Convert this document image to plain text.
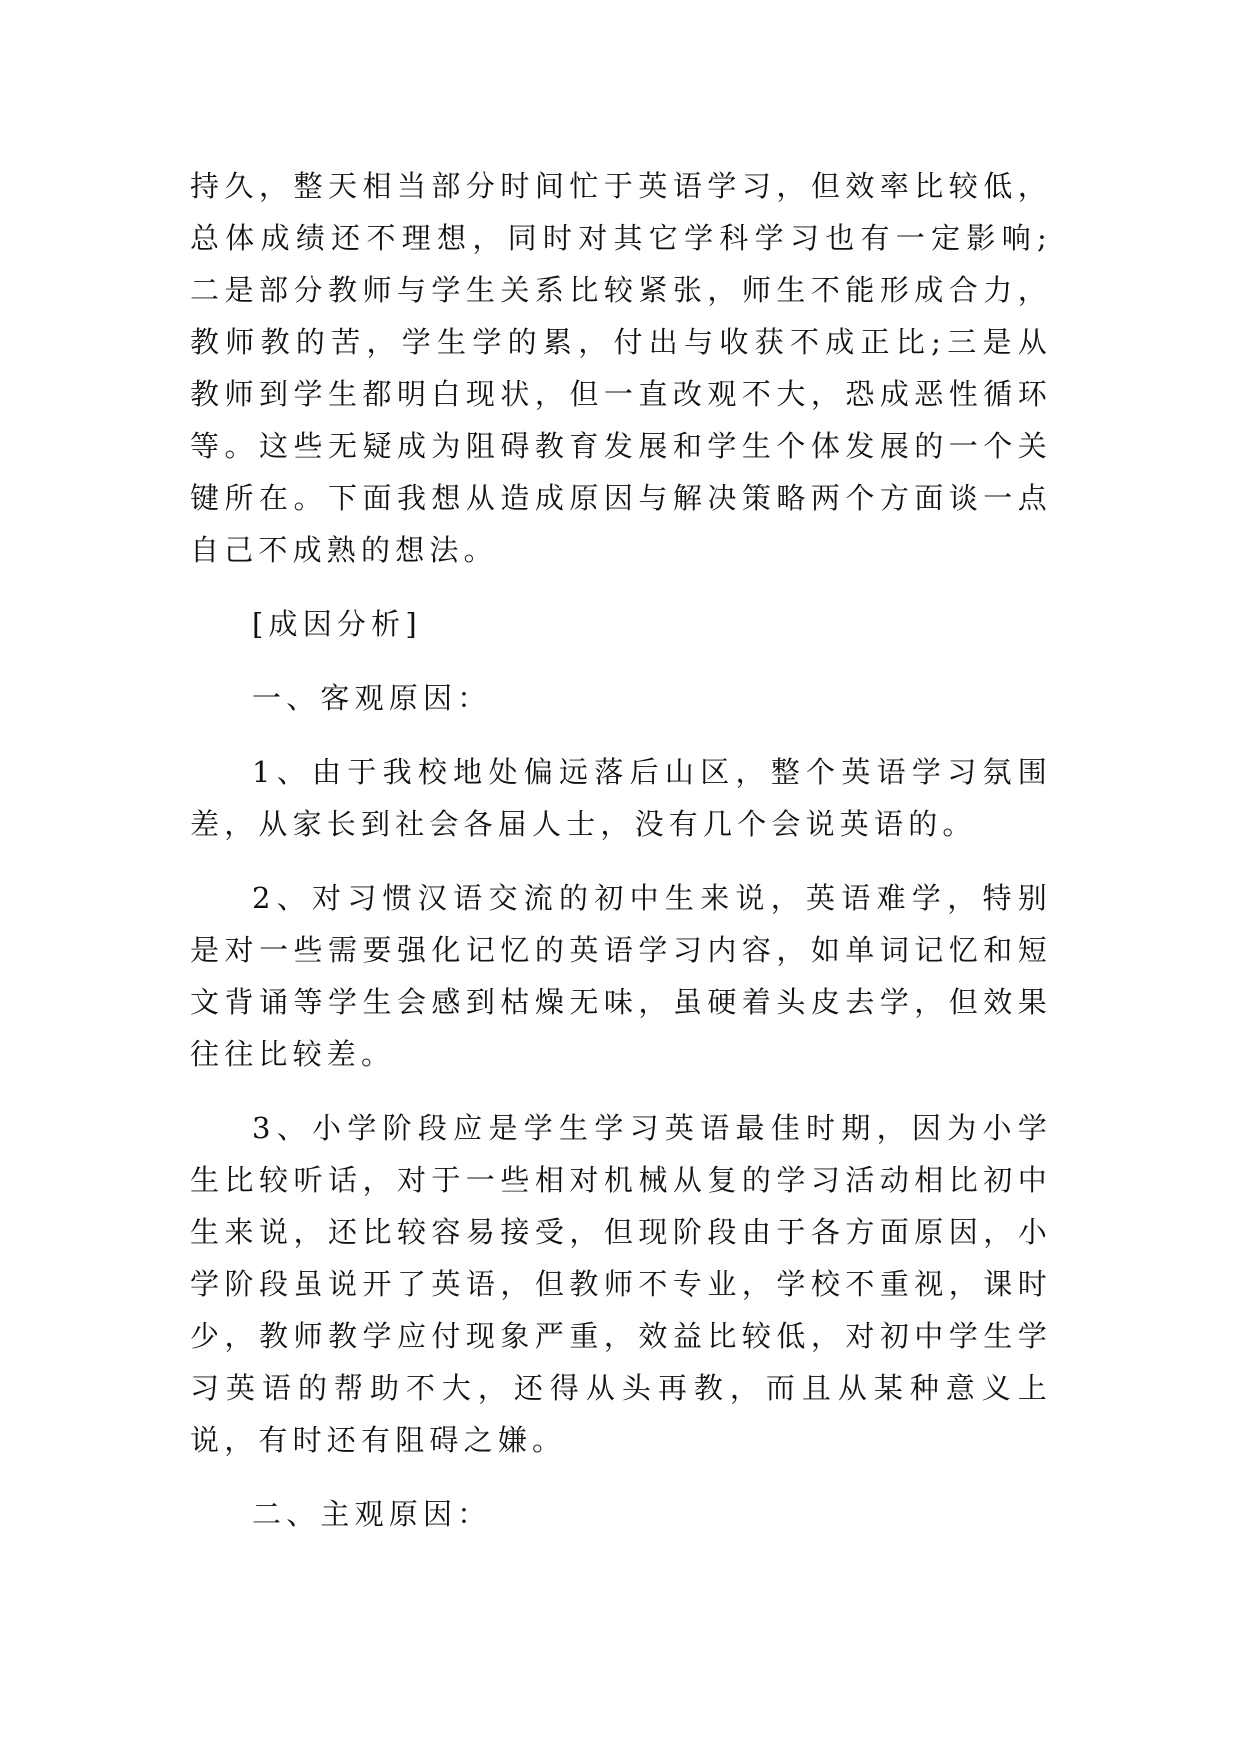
持久，整天相当部分时间忙于英语学习，但效率比较低，总体成绩还不理想，同时对其它学科学习也有一定影响;二是部分教师与学生关系比较紧张，师生不能形成合力，教师教的苦，学生学的累，付出与收获不成正比;三是从教师到学生都明白现状，但一直改观不大，恐成恶性循环等。这些无疑成为阻碍教育发展和学生个体发展的一个关键所在。下面我想从造成原因与解决策略两个方面谈一点自己不成熟的想法。

[成因分析]

一、客观原因：

1、由于我校地处偏远落后山区，整个英语学习氛围差，从家长到社会各届人士，没有几个会说英语的。

2、对习惯汉语交流的初中生来说，英语难学，特别是对一些需要强化记忆的英语学习内容，如单词记忆和短文背诵等学生会感到枯燥无味，虽硬着头皮去学，但效果往往比较差。

3、小学阶段应是学生学习英语最佳时期，因为小学生比较听话，对于一些相对机械从复的学习活动相比初中生来说，还比较容易接受，但现阶段由于各方面原因，小学阶段虽说开了英语，但教师不专业，学校不重视，课时少，教师教学应付现象严重，效益比较低，对初中学生学习英语的帮助不大，还得从头再教，而且从某种意义上说，有时还有阻碍之嫌。

二、主观原因：
